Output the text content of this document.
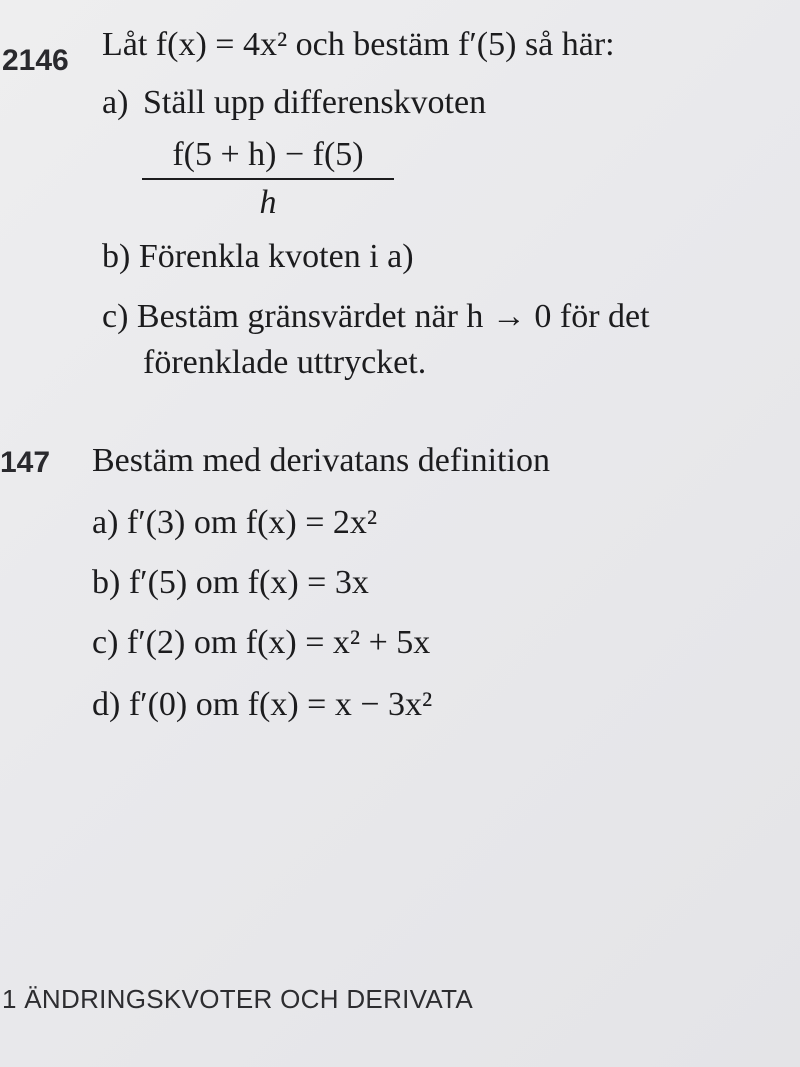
2146 Låt f(x) = 4x² och bestäm f′(5) så här:
a) Ställ upp differenskvoten
f(5 + h) − f(5)
h
b) Förenkla kvoten i a)
c) Bestäm gränsvärdet när h → 0 för det
förenklade uttrycket.
147 Bestäm med derivatans definition
a) f′(3) om f(x) = 2x²
b) f′(5) om f(x) = 3x
c) f′(2) om f(x) = x² + 5x
d) f′(0) om f(x) = x − 3x²
1 ÄNDRINGSKVOTER OCH DERIVATA
